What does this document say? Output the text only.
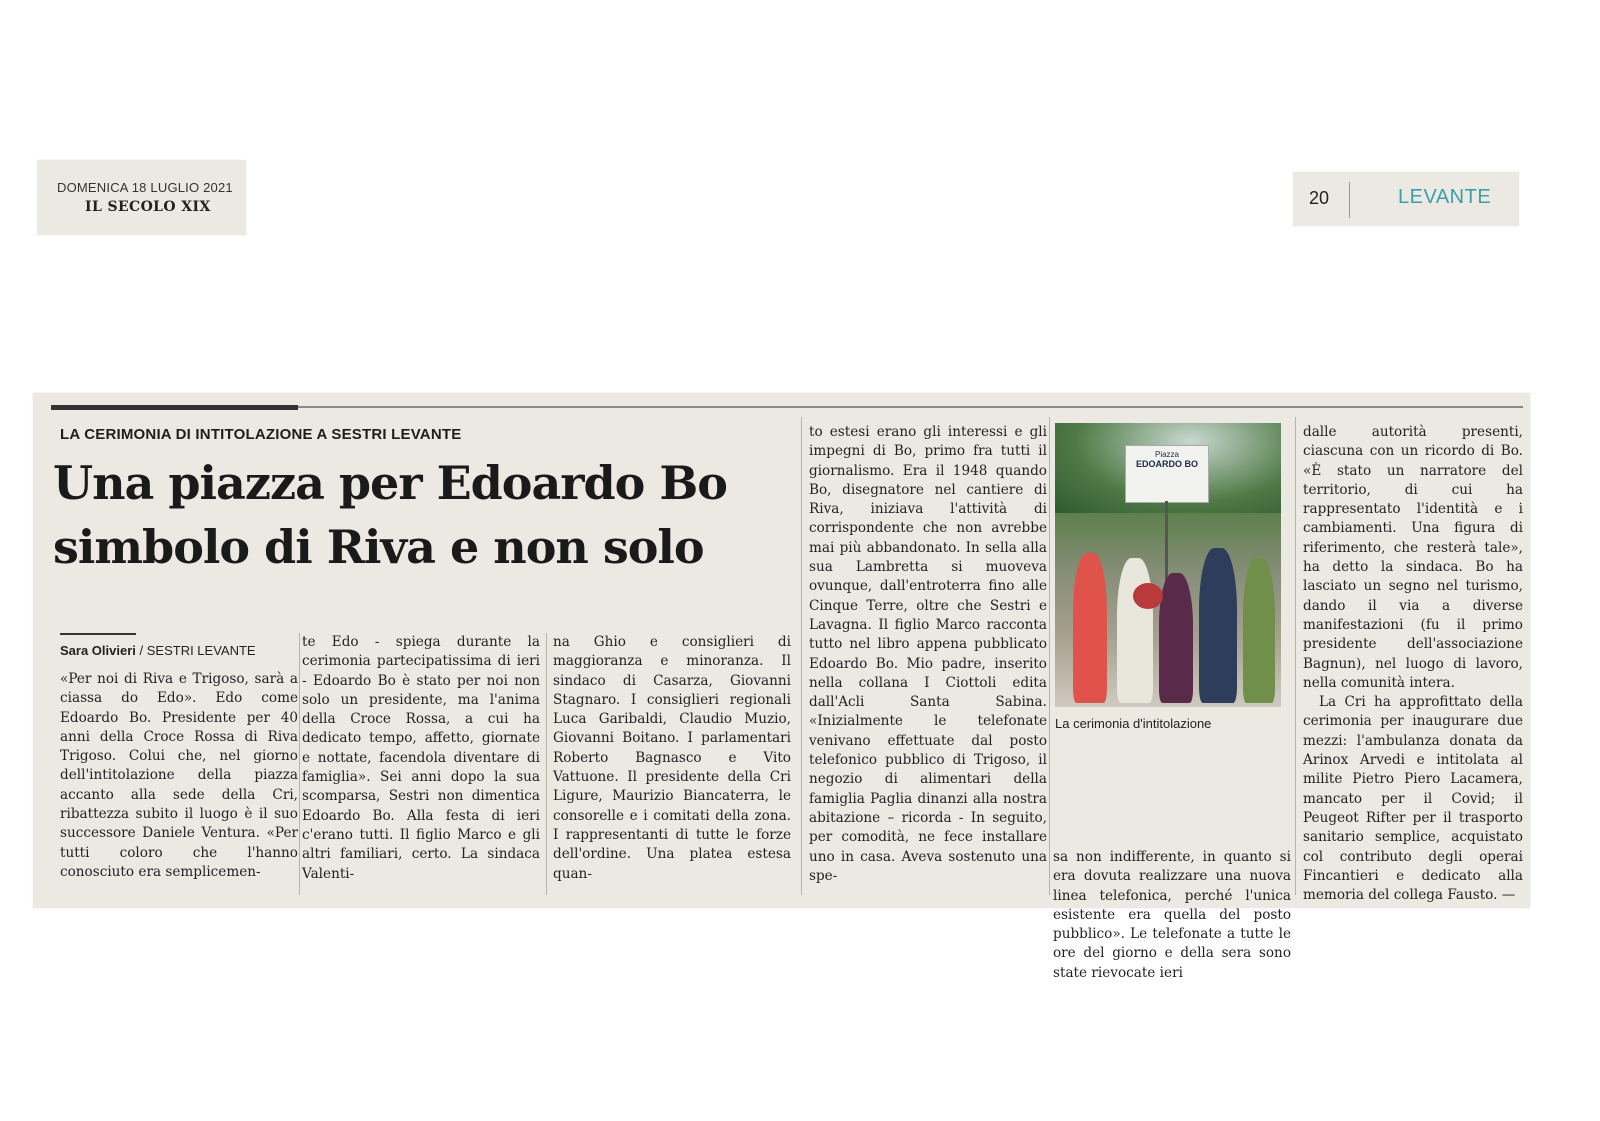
DOMENICA 18 LUGLIO 2021
IL SECOLO XIX	20	LEVANTE
LA CERIMONIA DI INTITOLAZIONE A SESTRI LEVANTE
Una piazza per Edoardo Bo
simbolo di Riva e non solo
Sara Olivieri / SESTRI LEVANTE

«Per noi di Riva e Trigoso, sarà a ciassa do Edo». Edo come Edoardo Bo. Presidente per 40 anni della Croce Rossa di Riva Trigoso. Colui che, nel giorno dell'intitolazione della piazza accanto alla sede della Cri, ribattezza subito il luogo è il suo successore Daniele Ventura. «Per tutti coloro che l'hanno conosciuto era semplicemen-

te Edo - spiega durante la cerimonia partecipatissima di ieri - Edoardo Bo è stato per noi non solo un presidente, ma l'anima della Croce Rossa, a cui ha dedicato tempo, affetto, giornate e nottate, facendola diventare di famiglia». Sei anni dopo la sua scomparsa, Sestri non dimentica Edoardo Bo. Alla festa di ieri c'erano tutti. Il figlio Marco e gli altri familiari, certo. La sindaca Valenti-

na Ghio e consiglieri di maggioranza e minoranza. Il sindaco di Casarza, Giovanni Stagnaro. I consiglieri regionali Luca Garibaldi, Claudio Muzio, Giovanni Boitano. I parlamentari Roberto Bagnasco e Vito Vattuone. Il presidente della Cri Ligure, Maurizio Biancaterra, le consorelle e i comitati della zona. I rappresentanti di tutte le forze dell'ordine. Una platea estesa quan-

to estesi erano gli interessi e gli impegni di Bo, primo fra tutti il giornalismo. Era il 1948 quando Bo, disegnatore nel cantiere di Riva, iniziava l'attività di corrispondente che non avrebbe mai più abbandonato. In sella alla sua Lambretta si muoveva ovunque, dall'entroterra fino alle Cinque Terre, oltre che Sestri e Lavagna. Il figlio Marco racconta tutto nel libro appena pubblicato Edoardo Bo. Mio padre, inserito nella collana I Ciottoli edita dall'Acli Santa Sabina. «Inizialmente le telefonate venivano effettuate dal posto telefonico pubblico di Trigoso, il negozio di alimentari della famiglia Paglia dinanzi alla nostra abitazione – ricorda - In seguito, per comodità, ne fece installare uno in casa. Aveva sostenuto una spe-

Piazza
EDOARDO BO
La cerimonia d'intitolazione

sa non indifferente, in quanto si era dovuta realizzare una nuova linea telefonica, perché l'unica esistente era quella del posto pubblico». Le telefonate a tutte le ore del giorno e della sera sono state rievocate ieri

dalle autorità presenti, ciascuna con un ricordo di Bo. «È stato un narratore del territorio, di cui ha rappresentato l'identità e i cambiamenti. Una figura di riferimento, che resterà tale», ha detto la sindaca. Bo ha lasciato un segno nel turismo, dando il via a diverse manifestazioni (fu il primo presidente dell'associazione Bagnun), nel luogo di lavoro, nella comunità intera.

La Cri ha approfittato della cerimonia per inaugurare due mezzi: l'ambulanza donata da Arinox Arvedi e intitolata al milite Pietro Piero Lacamera, mancato per il Covid; il Peugeot Rifter per il trasporto sanitario semplice, acquistato col contributo degli operai Fincantieri e dedicato alla memoria del collega Fausto. —
